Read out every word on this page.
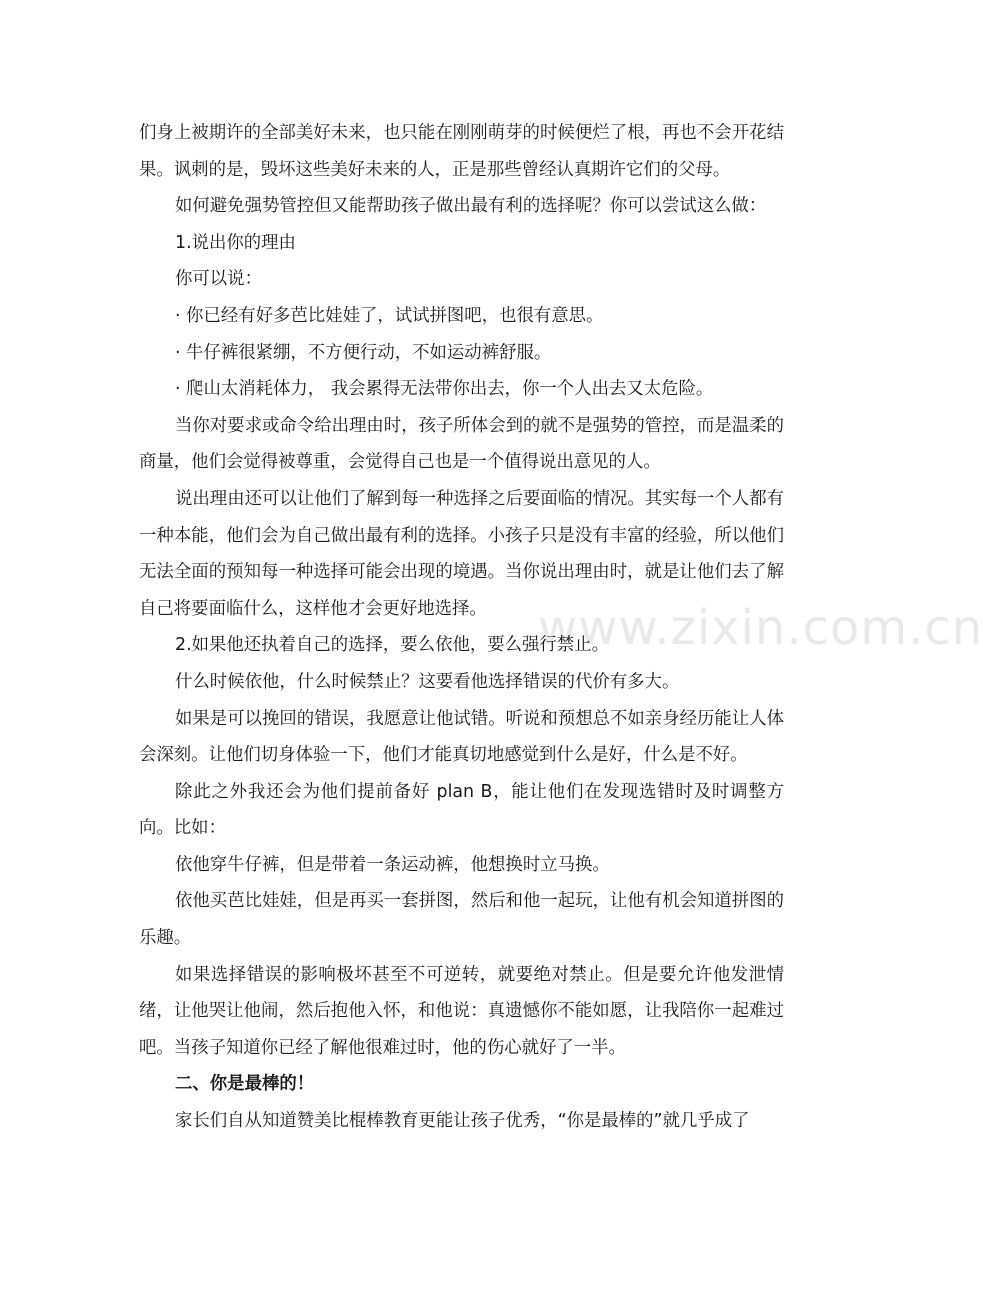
www.zixin.com.cn

们身上被期许的全部美好未来，也只能在刚刚萌芽的时候便烂了根，再也不会开花结果。讽刺的是，毁坏这些美好未来的人，正是那些曾经认真期许它们的父母。

如何避免强势管控但又能帮助孩子做出最有利的选择呢？你可以尝试这么做：

1.说出你的理由

你可以说：

· 你已经有好多芭比娃娃了，试试拼图吧，也很有意思。

· 牛仔裤很紧绷，不方便行动，不如运动裤舒服。

· 爬山太消耗体力， 我会累得无法带你出去，你一个人出去又太危险。

当你对要求或命令给出理由时，孩子所体会到的就不是强势的管控，而是温柔的商量，他们会觉得被尊重，会觉得自己也是一个值得说出意见的人。

说出理由还可以让他们了解到每一种选择之后要面临的情况。其实每一个人都有一种本能，他们会为自己做出最有利的选择。小孩子只是没有丰富的经验，所以他们无法全面的预知每一种选择可能会出现的境遇。当你说出理由时，就是让他们去了解自己将要面临什么，这样他才会更好地选择。

2.如果他还执着自己的选择，要么依他，要么强行禁止。

什么时候依他，什么时候禁止？这要看他选择错误的代价有多大。

如果是可以挽回的错误，我愿意让他试错。听说和预想总不如亲身经历能让人体会深刻。让他们切身体验一下，他们才能真切地感觉到什么是好，什么是不好。

除此之外我还会为他们提前备好 plan B，能让他们在发现选错时及时调整方向。比如：

依他穿牛仔裤，但是带着一条运动裤，他想换时立马换。

依他买芭比娃娃，但是再买一套拼图，然后和他一起玩，让他有机会知道拼图的乐趣。

如果选择错误的影响极坏甚至不可逆转，就要绝对禁止。但是要允许他发泄情绪，让他哭让他闹，然后抱他入怀，和他说：真遗憾你不能如愿，让我陪你一起难过吧。当孩子知道你已经了解他很难过时，他的伤心就好了一半。

二、你是最棒的！

家长们自从知道赞美比棍棒教育更能让孩子优秀，“你是最棒的”就几乎成了
